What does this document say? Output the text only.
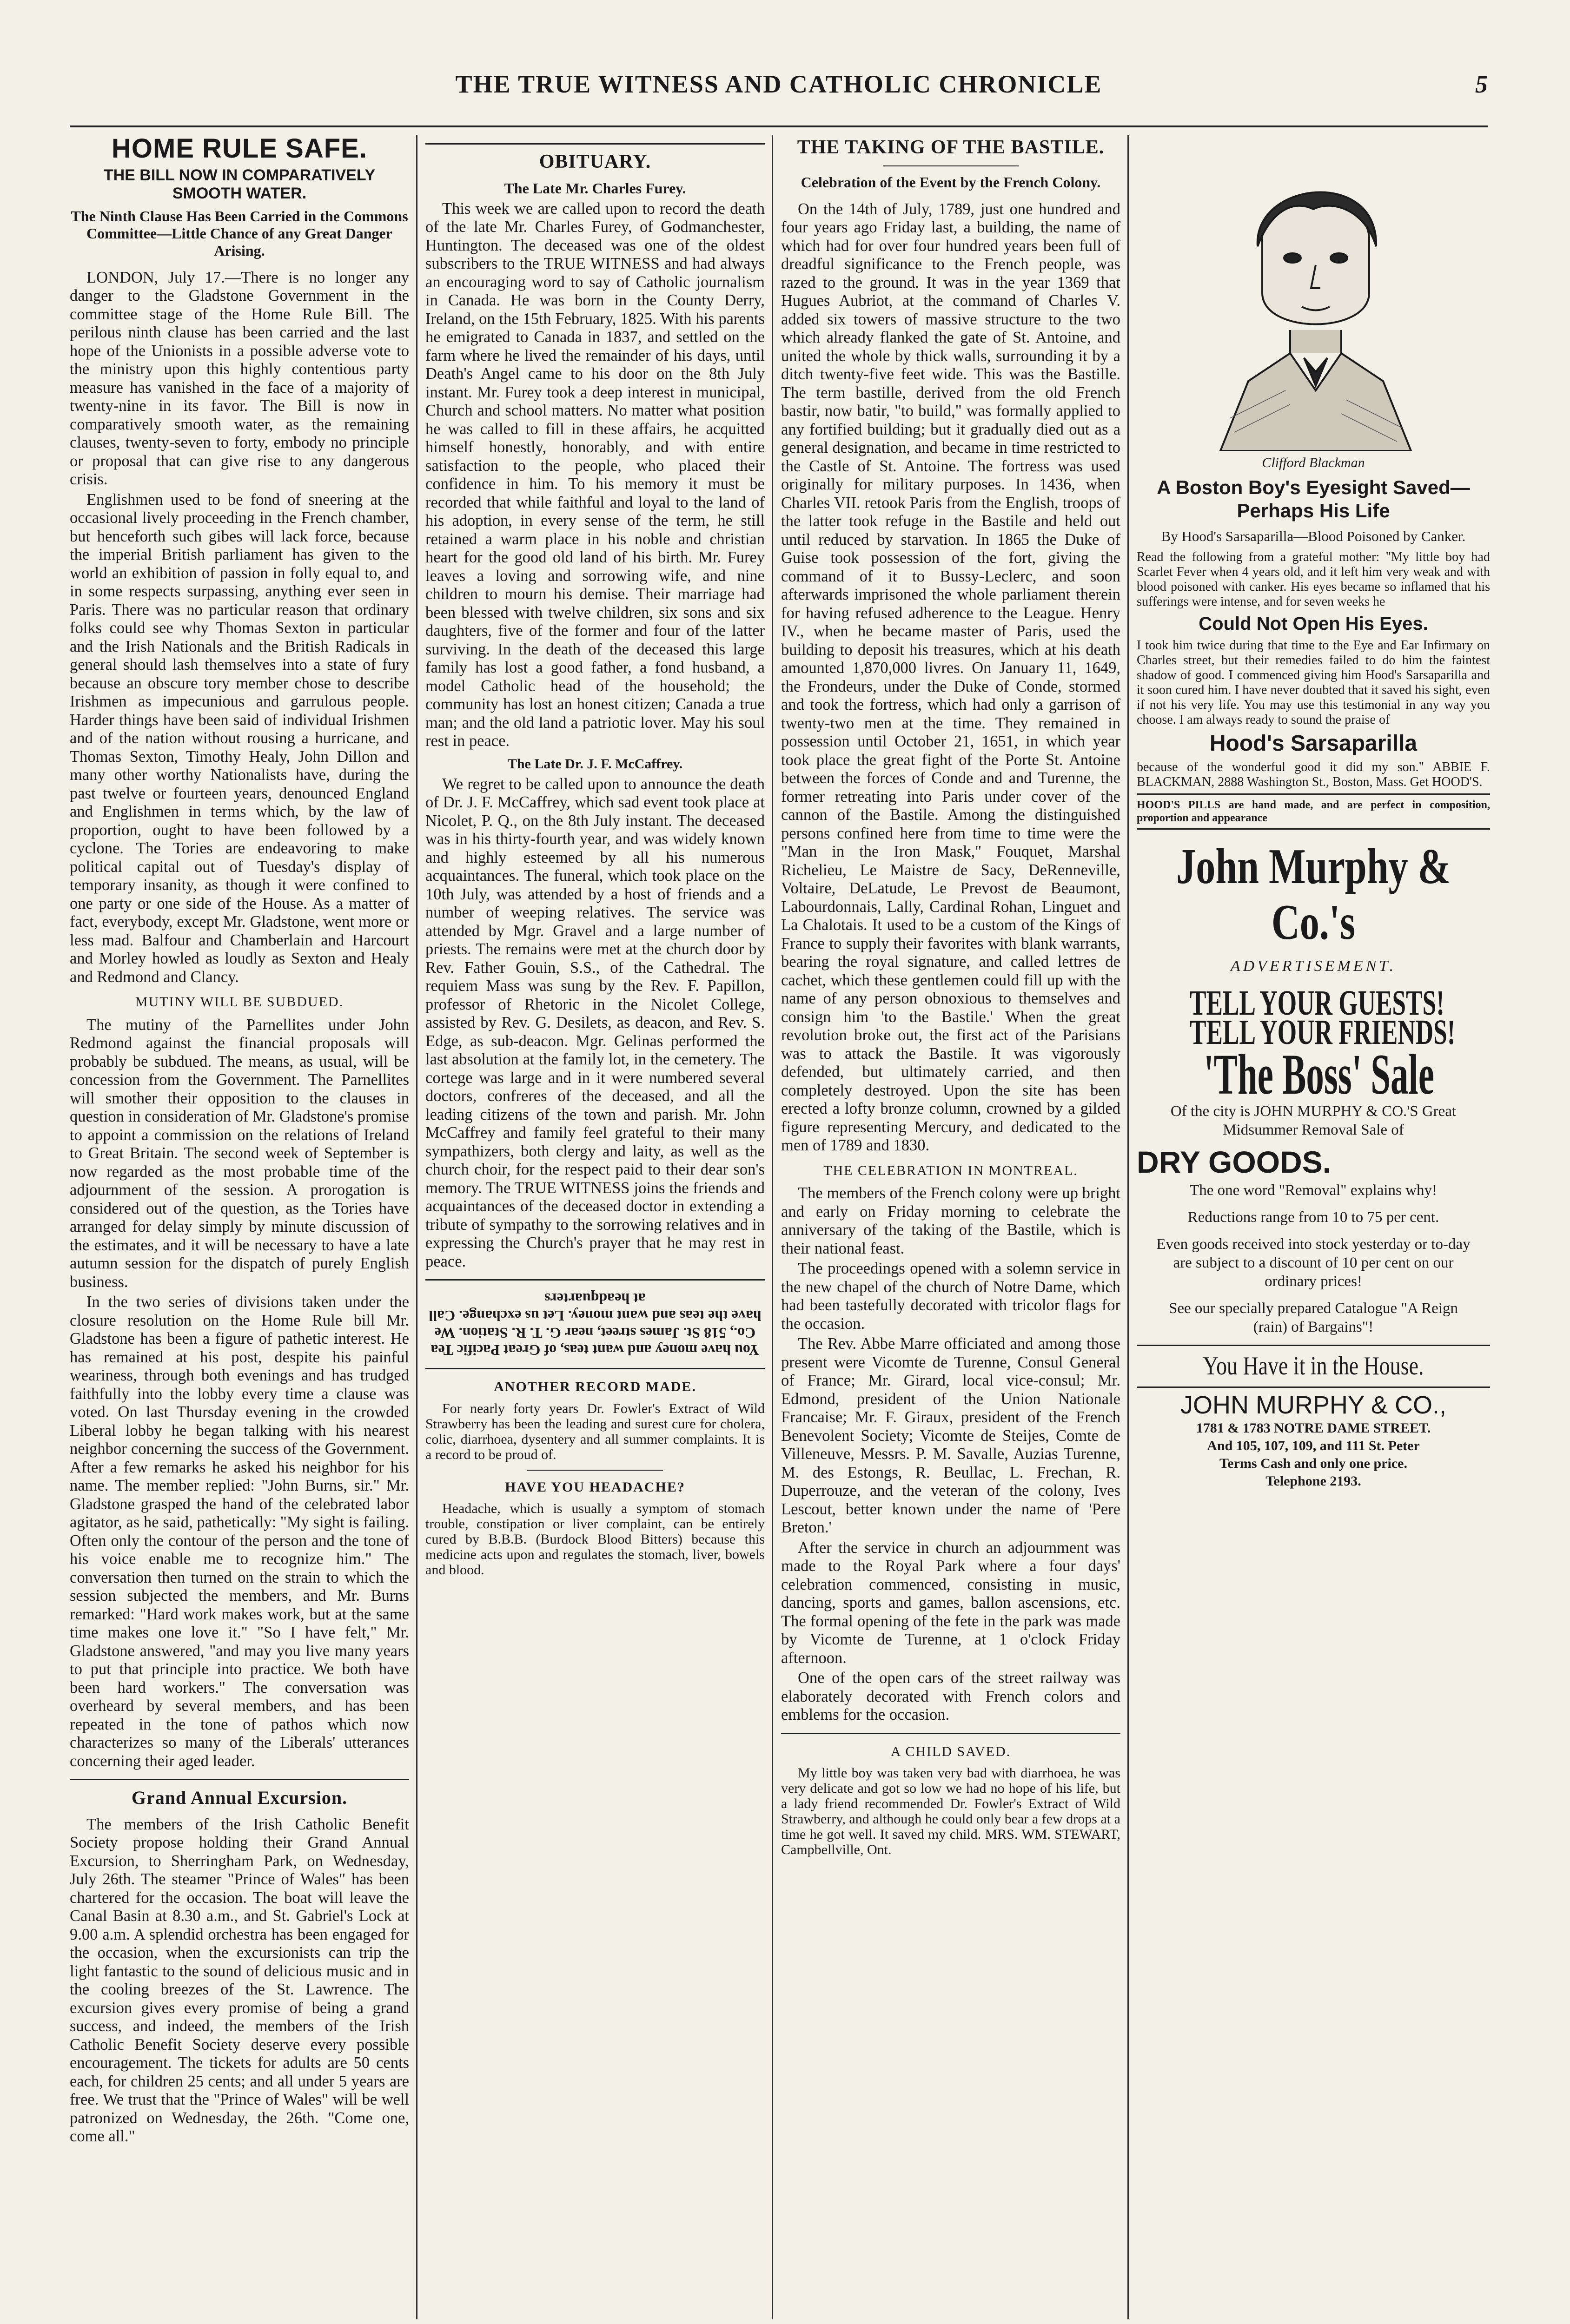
THE TRUE WITNESS AND CATHOLIC CHRONICLE	5
HOME RULE SAFE.
THE BILL NOW IN COMPARATIVELY SMOOTH WATER.
The Ninth Clause Has Been Carried in the Commons Committee—Little Chance of any Great Danger Arising.

LONDON, July 17.—There is no longer any danger to the Gladstone Government in the committee stage of the Home Rule Bill. The perilous ninth clause has been carried and the last hope of the Unionists in a possible adverse vote to the ministry upon this highly contentious party measure has vanished in the face of a majority of twenty-nine in its favor. The Bill is now in comparatively smooth water, as the remaining clauses, twenty-seven to forty, embody no principle or proposal that can give rise to any dangerous crisis.

Englishmen used to be fond of sneering at the occasional lively proceeding in the French chamber, but henceforth such gibes will lack force, because the imperial British parliament has given to the world an exhibition of passion in folly equal to, and in some respects surpassing, anything ever seen in Paris. There was no particular reason that ordinary folks could see why Thomas Sexton in particular and the Irish Nationals and the British Radicals in general should lash themselves into a state of fury because an obscure tory member chose to describe Irishmen as impecunious and garrulous people. Harder things have been said of individual Irishmen and of the nation without rousing a hurricane, and Thomas Sexton, Timothy Healy, John Dillon and many other worthy Nationalists have, during the past twelve or fourteen years, denounced England and Englishmen in terms which, by the law of proportion, ought to have been followed by a cyclone. The Tories are endeavoring to make political capital out of Tuesday's display of temporary insanity, as though it were confined to one party or one side of the House. As a matter of fact, everybody, except Mr. Gladstone, went more or less mad. Balfour and Chamberlain and Harcourt and Morley howled as loudly as Sexton and Healy and Redmond and Clancy.

MUTINY WILL BE SUBDUED.

The mutiny of the Parnellites under John Redmond against the financial proposals will probably be subdued. The means, as usual, will be concession from the Government. The Parnellites will smother their opposition to the clauses in question in consideration of Mr. Gladstone's promise to appoint a commission on the relations of Ireland to Great Britain. The second week of September is now regarded as the most probable time of the adjournment of the session. A prorogation is considered out of the question, as the Tories have arranged for delay simply by minute discussion of the estimates, and it will be necessary to have a late autumn session for the dispatch of purely English business.

In the two series of divisions taken under the closure resolution on the Home Rule bill Mr. Gladstone has been a figure of pathetic interest. He has remained at his post, despite his painful weariness, through both evenings and has trudged faithfully into the lobby every time a clause was voted. On last Thursday evening in the crowded Liberal lobby he began talking with his nearest neighbor concerning the success of the Government. After a few remarks he asked his neighbor for his name. The member replied: "John Burns, sir." Mr. Gladstone grasped the hand of the celebrated labor agitator, as he said, pathetically: "My sight is failing. Often only the contour of the person and the tone of his voice enable me to recognize him." The conversation then turned on the strain to which the session subjected the members, and Mr. Burns remarked: "Hard work makes work, but at the same time makes one love it." "So I have felt," Mr. Gladstone answered, "and may you live many years to put that principle into practice. We both have been hard workers." The conversation was overheard by several members, and has been repeated in the tone of pathos which now characterizes so many of the Liberals' utterances concerning their aged leader.

Grand Annual Excursion.

The members of the Irish Catholic Benefit Society propose holding their Grand Annual Excursion, to Sherringham Park, on Wednesday, July 26th. The steamer "Prince of Wales" has been chartered for the occasion. The boat will leave the Canal Basin at 8.30 a.m., and St. Gabriel's Lock at 9.00 a.m. A splendid orchestra has been engaged for the occasion, when the excursionists can trip the light fantastic to the sound of delicious music and in the cooling breezes of the St. Lawrence. The excursion gives every promise of being a grand success, and indeed, the members of the Irish Catholic Benefit Society deserve every possible encouragement. The tickets for adults are 50 cents each, for children 25 cents; and all under 5 years are free. We trust that the "Prince of Wales" will be well patronized on Wednesday, the 26th. "Come one, come all."

OBITUARY.
The Late Mr. Charles Furey.

This week we are called upon to record the death of the late Mr. Charles Furey, of Godmanchester, Huntington. The deceased was one of the oldest subscribers to the TRUE WITNESS and had always an encouraging word to say of Catholic journalism in Canada. He was born in the County Derry, Ireland, on the 15th February, 1825. With his parents he emigrated to Canada in 1837, and settled on the farm where he lived the remainder of his days, until Death's Angel came to his door on the 8th July instant. Mr. Furey took a deep interest in municipal, Church and school matters. No matter what position he was called to fill in these affairs, he acquitted himself honestly, honorably, and with entire satisfaction to the people, who placed their confidence in him. To his memory it must be recorded that while faithful and loyal to the land of his adoption, in every sense of the term, he still retained a warm place in his noble and christian heart for the good old land of his birth. Mr. Furey leaves a loving and sorrowing wife, and nine children to mourn his demise. Their marriage had been blessed with twelve children, six sons and six daughters, five of the former and four of the latter surviving. In the death of the deceased this large family has lost a good father, a fond husband, a model Catholic head of the household; the community has lost an honest citizen; Canada a true man; and the old land a patriotic lover. May his soul rest in peace.

The Late Dr. J. F. McCaffrey.

We regret to be called upon to announce the death of Dr. J. F. McCaffrey, which sad event took place at Nicolet, P. Q., on the 8th July instant. The deceased was in his thirty-fourth year, and was widely known and highly esteemed by all his numerous acquaintances. The funeral, which took place on the 10th July, was attended by a host of friends and a number of weeping relatives. The service was attended by Mgr. Gravel and a large number of priests. The remains were met at the church door by Rev. Father Gouin, S.S., of the Cathedral. The requiem Mass was sung by the Rev. F. Papillon, professor of Rhetoric in the Nicolet College, assisted by Rev. G. Desilets, as deacon, and Rev. S. Edge, as sub-deacon. Mgr. Gelinas performed the last absolution at the family lot, in the cemetery. The cortege was large and in it were numbered several doctors, confreres of the deceased, and all the leading citizens of the town and parish. Mr. John McCaffrey and family feel grateful to their many sympathizers, both clergy and laity, as well as the church choir, for the respect paid to their dear son's memory. The TRUE WITNESS joins the friends and acquaintances of the deceased doctor in extending a tribute of sympathy to the sorrowing relatives and in expressing the Church's prayer that he may rest in peace.

You have money and want teas, of Great Pacific Tea Co., 518 St. James street, near G. T. R. Station. We have the teas and want money. Let us exchange. Call at headquarters
ANOTHER RECORD MADE.

For nearly forty years Dr. Fowler's Extract of Wild Strawberry has been the leading and surest cure for cholera, colic, diarrhoea, dysentery and all summer complaints. It is a record to be proud of.

HAVE YOU HEADACHE?

Headache, which is usually a symptom of stomach trouble, constipation or liver complaint, can be entirely cured by B.B.B. (Burdock Blood Bitters) because this medicine acts upon and regulates the stomach, liver, bowels and blood.

THE TAKING OF THE BASTILE.
Celebration of the Event by the French Colony.

On the 14th of July, 1789, just one hundred and four years ago Friday last, a building, the name of which had for over four hundred years been full of dreadful significance to the French people, was razed to the ground. It was in the year 1369 that Hugues Aubriot, at the command of Charles V. added six towers of massive structure to the two which already flanked the gate of St. Antoine, and united the whole by thick walls, surrounding it by a ditch twenty-five feet wide. This was the Bastille. The term bastille, derived from the old French bastir, now batir, "to build," was formally applied to any fortified building; but it gradually died out as a general designation, and became in time restricted to the Castle of St. Antoine. The fortress was used originally for military purposes. In 1436, when Charles VII. retook Paris from the English, troops of the latter took refuge in the Bastile and held out until reduced by starvation. In 1865 the Duke of Guise took possession of the fort, giving the command of it to Bussy-Leclerc, and soon afterwards imprisoned the whole parliament therein for having refused adherence to the League. Henry IV., when he became master of Paris, used the building to deposit his treasures, which at his death amounted 1,870,000 livres. On January 11, 1649, the Frondeurs, under the Duke of Conde, stormed and took the fortress, which had only a garrison of twenty-two men at the time. They remained in possession until October 21, 1651, in which year took place the great fight of the Porte St. Antoine between the forces of Conde and and Turenne, the former retreating into Paris under cover of the cannon of the Bastile. Among the distinguished persons confined here from time to time were the "Man in the Iron Mask," Fouquet, Marshal Richelieu, Le Maistre de Sacy, DeRenneville, Voltaire, DeLatude, Le Prevost de Beaumont, Labourdonnais, Lally, Cardinal Rohan, Linguet and La Chalotais. It used to be a custom of the Kings of France to supply their favorites with blank warrants, bearing the royal signature, and called lettres de cachet, which these gentlemen could fill up with the name of any person obnoxious to themselves and consign him 'to the Bastile.' When the great revolution broke out, the first act of the Parisians was to attack the Bastile. It was vigorously defended, but ultimately carried, and then completely destroyed. Upon the site has been erected a lofty bronze column, crowned by a gilded figure representing Mercury, and dedicated to the men of 1789 and 1830.

THE CELEBRATION IN MONTREAL.

The members of the French colony were up bright and early on Friday morning to celebrate the anniversary of the taking of the Bastile, which is their national feast.

The proceedings opened with a solemn service in the new chapel of the church of Notre Dame, which had been tastefully decorated with tricolor flags for the occasion.

The Rev. Abbe Marre officiated and among those present were Vicomte de Turenne, Consul General of France; Mr. Girard, local vice-consul; Mr. Edmond, president of the Union Nationale Francaise; Mr. F. Giraux, president of the French Benevolent Society; Vicomte de Steijes, Comte de Villeneuve, Messrs. P. M. Savalle, Auzias Turenne, M. des Estongs, R. Beullac, L. Frechan, R. Duperrouze, and the veteran of the colony, Ives Lescout, better known under the name of 'Pere Breton.'

After the service in church an adjournment was made to the Royal Park where a four days' celebration commenced, consisting in music, dancing, sports and games, ballon ascensions, etc. The formal opening of the fete in the park was made by Vicomte de Turenne, at 1 o'clock Friday afternoon.

One of the open cars of the street railway was elaborately decorated with French colors and emblems for the occasion.

A CHILD SAVED.

My little boy was taken very bad with diarrhoea, he was very delicate and got so low we had no hope of his life, but a lady friend recommended Dr. Fowler's Extract of Wild Strawberry, and although he could only bear a few drops at a time he got well. It saved my child. MRS. WM. STEWART, Campbellville, Ont.

Clifford Blackman
A Boston Boy's Eyesight Saved—Perhaps His Life
By Hood's Sarsaparilla—Blood Poisoned by Canker.
Read the following from a grateful mother: "My little boy had Scarlet Fever when 4 years old, and it left him very weak and with blood poisoned with canker. His eyes became so inflamed that his sufferings were intense, and for seven weeks he
Could Not Open His Eyes.
I took him twice during that time to the Eye and Ear Infirmary on Charles street, but their remedies failed to do him the faintest shadow of good. I commenced giving him Hood's Sarsaparilla and it soon cured him. I have never doubted that it saved his sight, even if not his very life. You may use this testimonial in any way you choose. I am always ready to sound the praise of
Hood's Sarsaparilla
because of the wonderful good it did my son." ABBIE F. BLACKMAN, 2888 Washington St., Boston, Mass. Get HOOD'S.
HOOD'S PILLS are hand made, and are perfect in composition, proportion and appearance
John Murphy & Co.'s
ADVERTISEMENT.
TELL YOUR GUESTS!
TELL YOUR FRIENDS!
'The Boss' Sale
Of the city is JOHN MURPHY & CO.'S Great Midsummer Removal Sale of
DRY GOODS.
The one word "Removal" explains why!
Reductions range from 10 to 75 per cent.
Even goods received into stock yesterday or to-day are subject to a discount of 10 per cent on our ordinary prices!
See our specially prepared Catalogue "A Reign (rain) of Bargains"!
You Have it in the House.
JOHN MURPHY & CO.,
1781 & 1783 NOTRE DAME STREET.
And 105, 107, 109, and 111 St. Peter
Terms Cash and only one price.
Telephone 2193.
